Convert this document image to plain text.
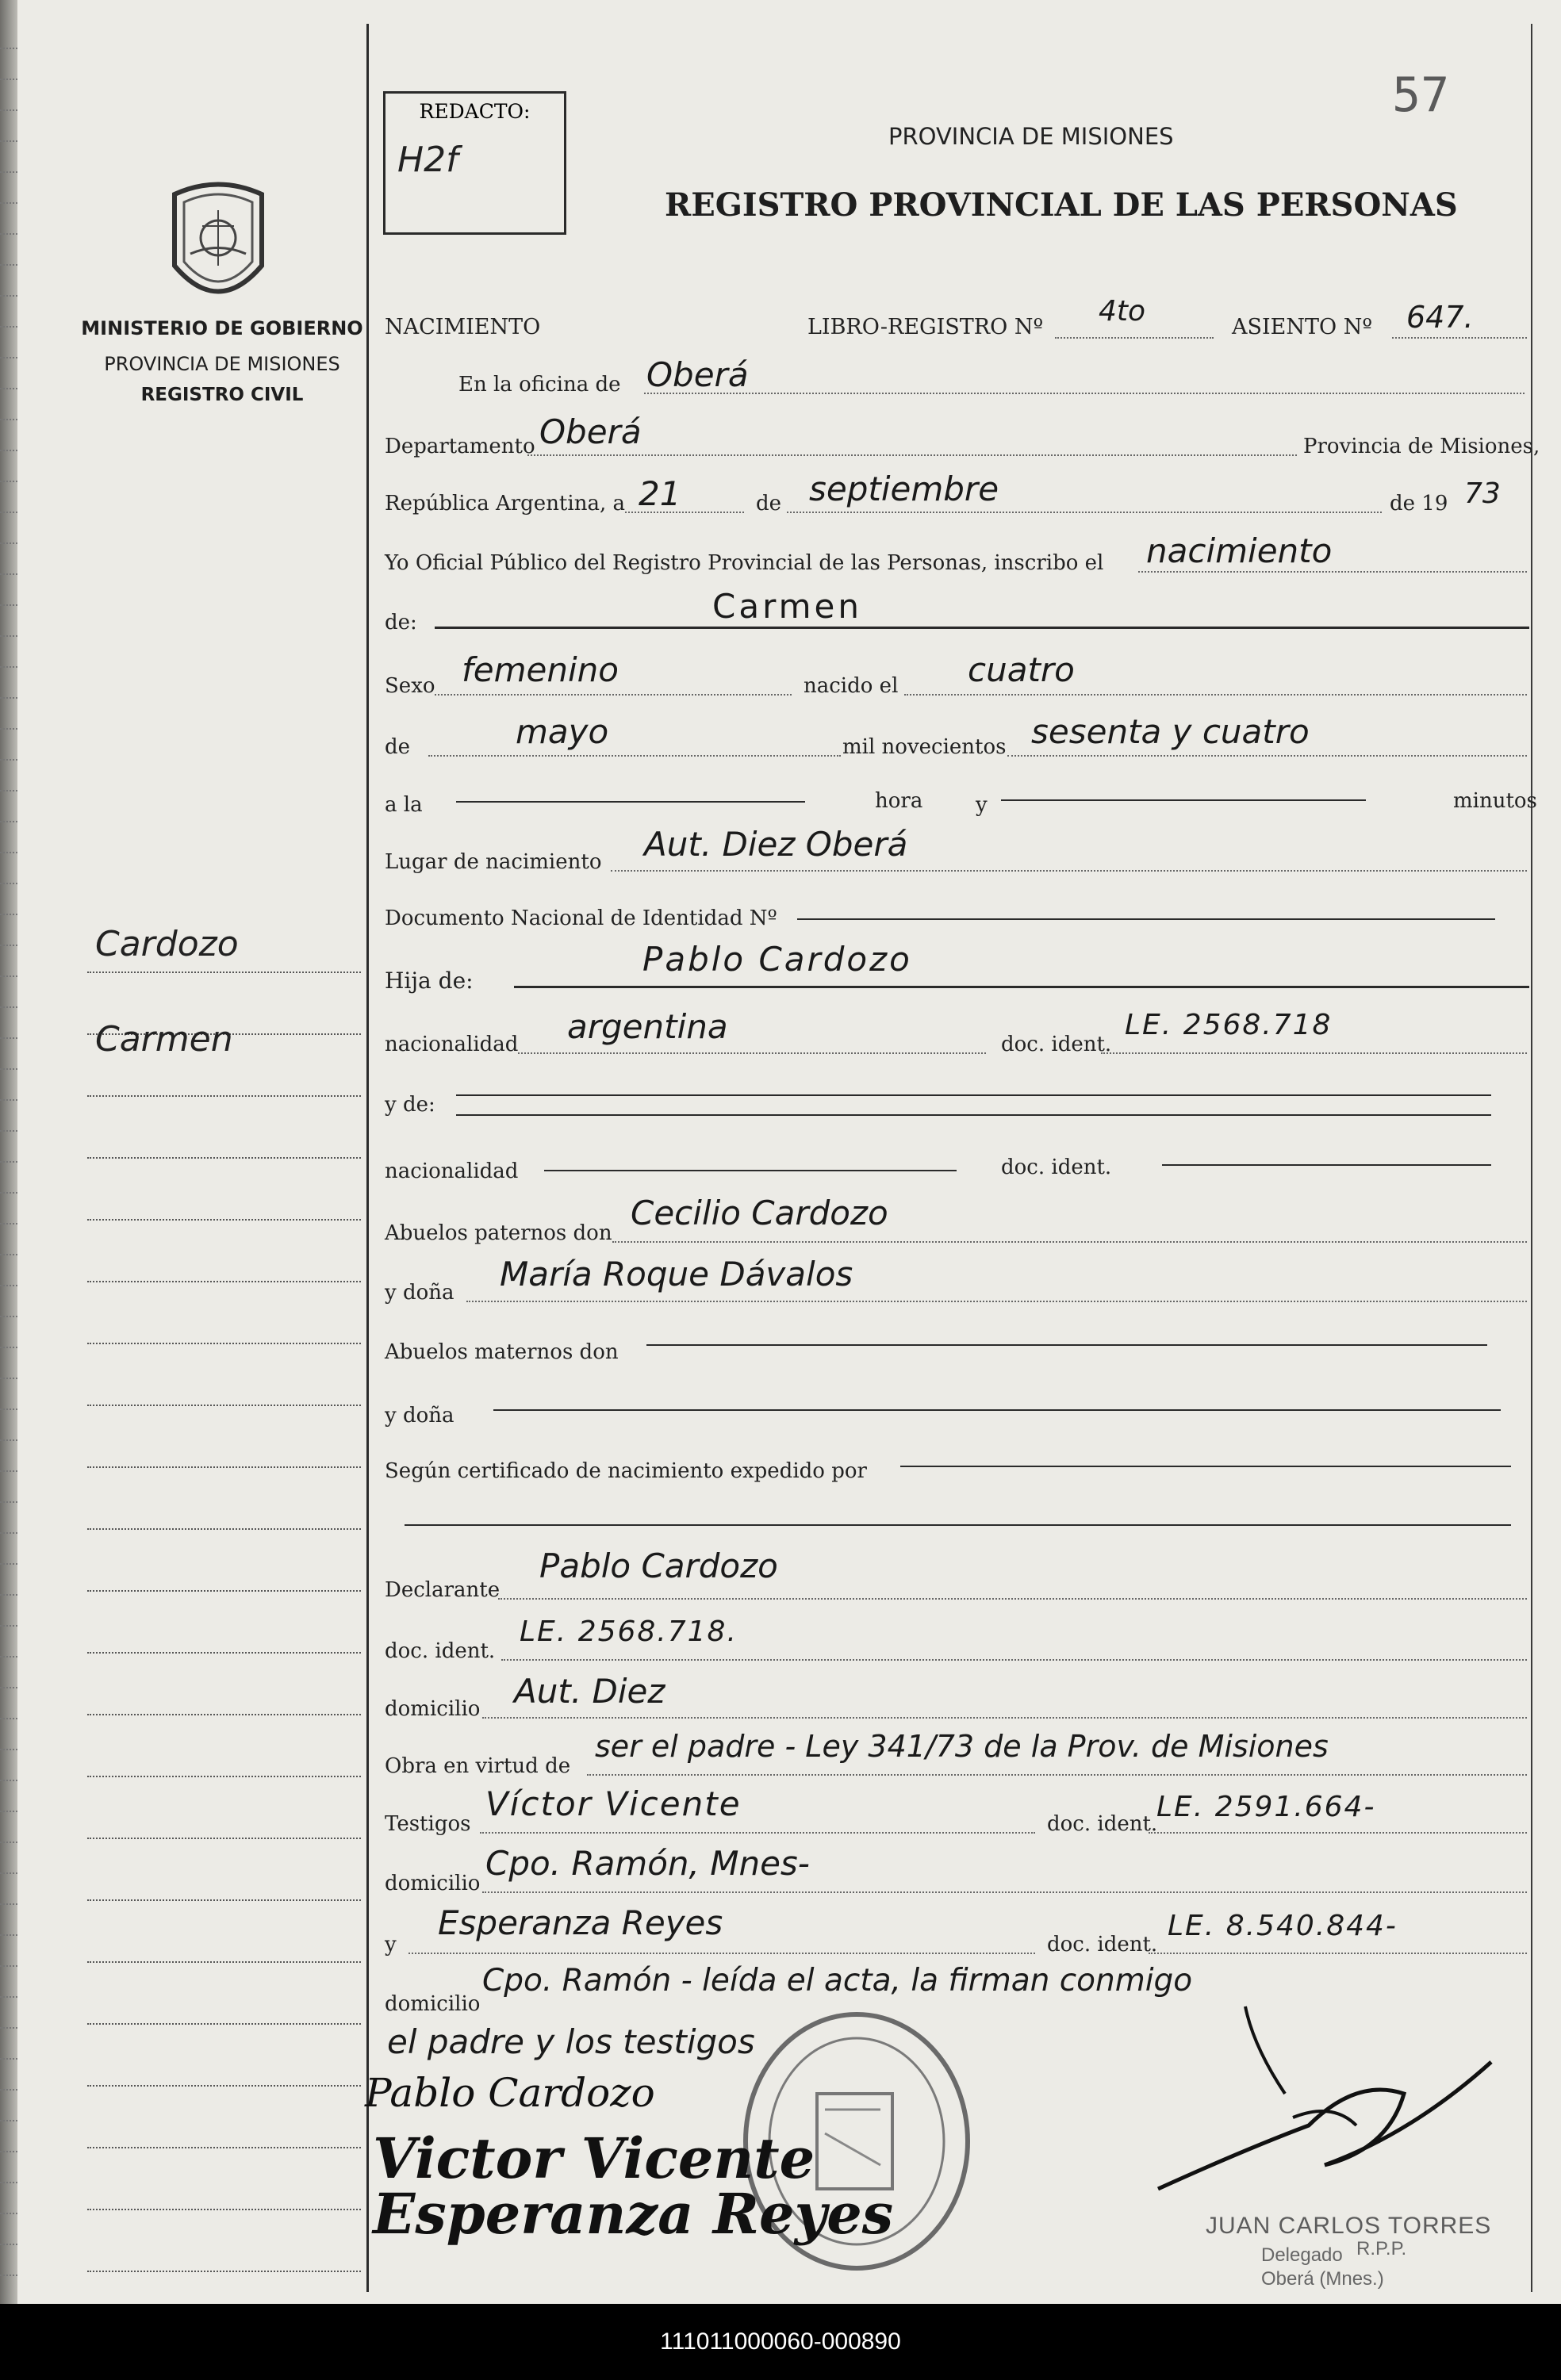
MINISTERIO DE GOBIERNO
PROVINCIA DE MISIONES
REGISTRO CIVIL
Cardozo
Carmen
REDACTO:
H2f
57
PROVINCIA DE MISIONES
REGISTRO PROVINCIAL DE LAS PERSONAS
NACIMIENTO	LIBRO-REGISTRO Nº 4to	ASIENTO Nº 647.
En la oficina de Oberá
Departamento Oberá	Provincia de Misiones,
República Argentina, a 21	de septiembre	de 19 73
Yo Oficial Público del Registro Provincial de las Personas, inscribo el nacimiento
de:	Carmen
Sexo femenino	nacido el cuatro
de	mayo	mil novecientos sesenta y cuatro
a la	hora	y	minutos
Lugar de nacimiento Aut. Diez Oberá
Documento Nacional de Identidad Nº
Hija de:
Pablo Cardozo
nacionalidad argentina	doc. ident.
LE. 2568.718
y de:
nacionalidad	doc. ident.
Abuelos paternos don
Cecilio Cardozo
y doña María Roque Dávalos
Abuelos maternos don
y doña
Según certificado de nacimiento expedido por
Declarante
Pablo Cardozo
doc. ident.
LE. 2568.718.
domicilio Aut. Diez
Obra en virtud de
ser el padre - Ley 341/73 de la Prov. de Misiones
Testigos
Víctor Vicente
doc. ident.
LE. 2591.664-
domicilio
Cpo. Ramón, Mnes-
y
Esperanza Reyes
doc. ident.
LE. 8.540.844-
domicilio
Cpo. Ramón - leída el acta, la firman conmigo
el padre y los testigos
Pablo Cardozo
Victor Vicente
Esperanza Reyes	JUAN CARLOS TORRES
Delegado R.P.P.
Oberá (Mnes.)
111011000060-000890
